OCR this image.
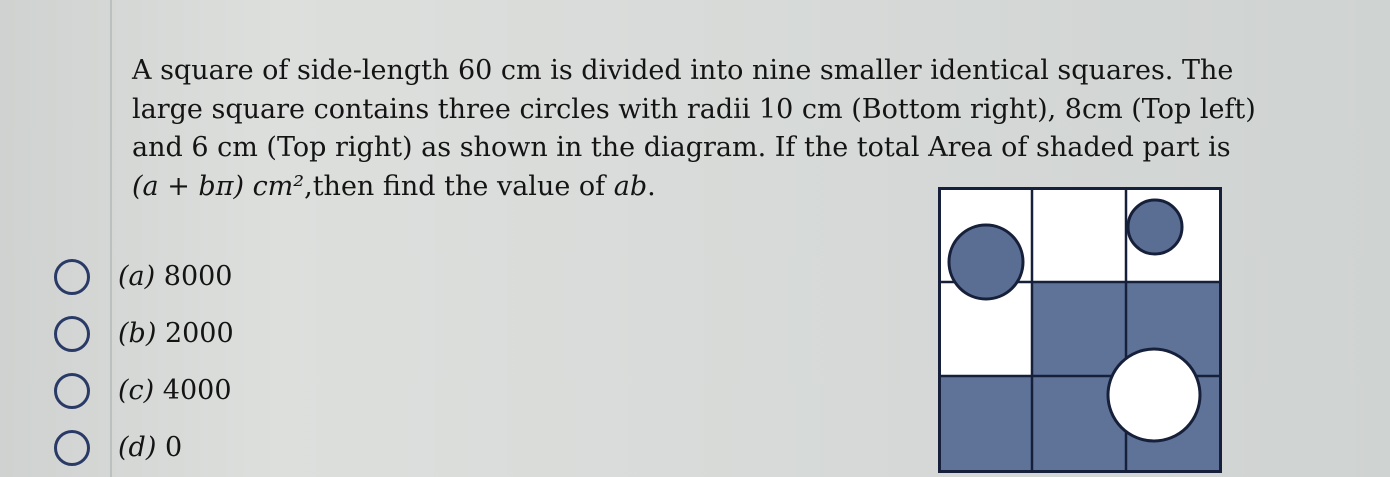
A square of side-length 60 cm is divided into nine smaller identical squares. The
large square contains three circles with radii 10 cm (Bottom right), 8cm (Top left)
and 6 cm (Top right) as shown in the diagram. If the total Area of shaded part is
(a + bπ) cm²,then find the value of ab.
(a) 8000
(b) 2000
(c) 4000
(d) 0
